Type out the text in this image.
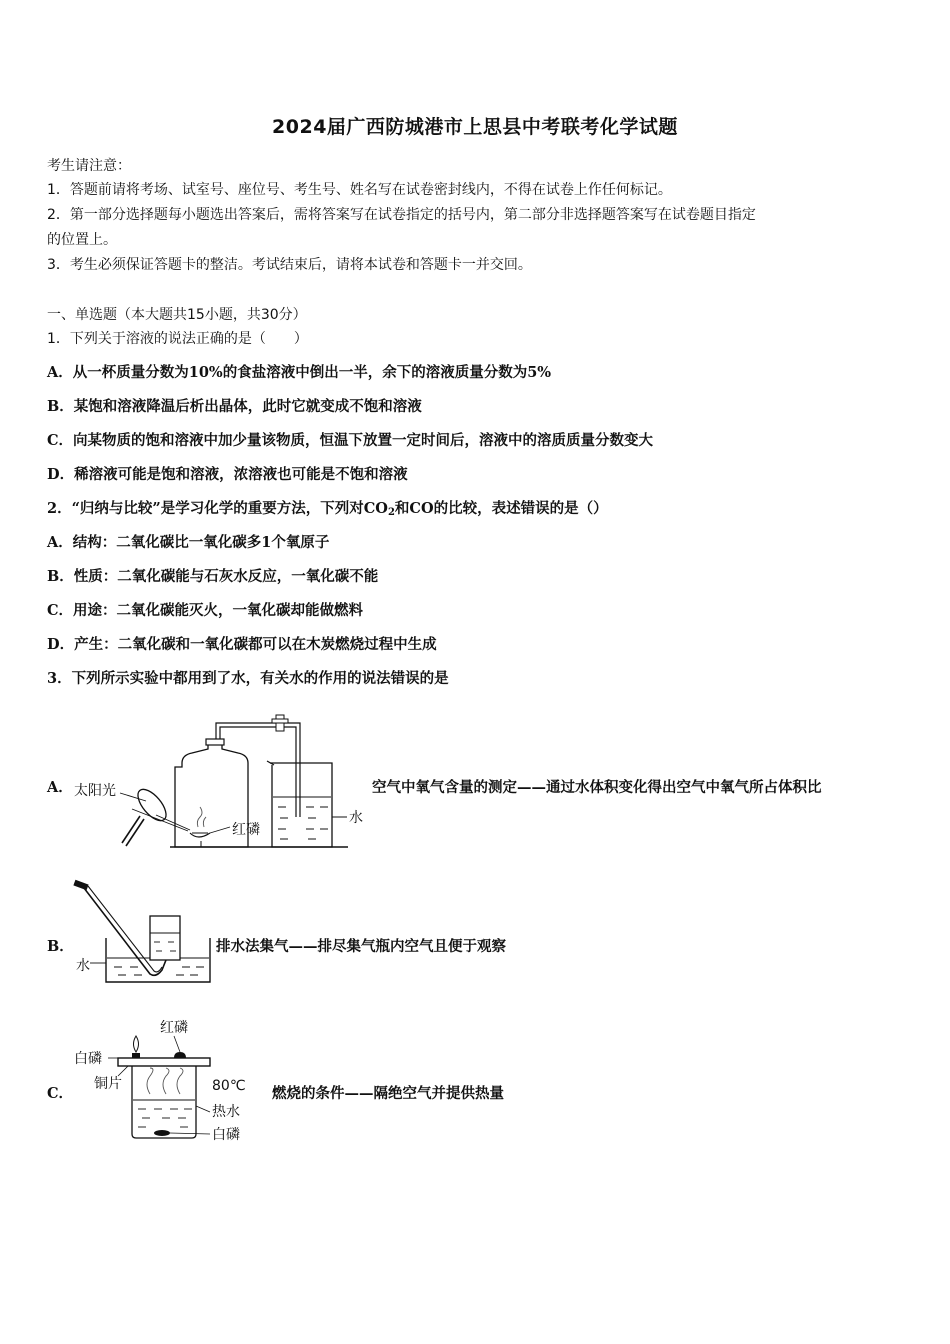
2024届广西防城港市上思县中考联考化学试题
考生请注意：
1．答题前请将考场、试室号、座位号、考生号、姓名写在试卷密封线内，不得在试卷上作任何标记。
2．第一部分选择题每小题选出答案后，需将答案写在试卷指定的括号内，第二部分非选择题答案写在试卷题目指定
的位置上。
3．考生必须保证答题卡的整洁。考试结束后，请将本试卷和答题卡一并交回。
一、单选题（本大题共15小题，共30分）
1．下列关于溶液的说法正确的是（　　）
A．从一杯质量分数为10%的食盐溶液中倒出一半，余下的溶液质量分数为5%
B．某饱和溶液降温后析出晶体，此时它就变成不饱和溶液
C．向某物质的饱和溶液中加少量该物质，恒温下放置一定时间后，溶液中的溶质质量分数变大
D．稀溶液可能是饱和溶液，浓溶液也可能是不饱和溶液
2．“归纳与比较”是学习化学的重要方法，下列对$CO_2$和CO的比较，表述错误的是（）
A．结构：二氧化碳比一氧化碳多1个氧原子
B．性质：二氧化碳能与石灰水反应，一氧化碳不能
C．用途：二氧化碳能灭火，一氧化碳却能做燃料
D．产生：二氧化碳和一氧化碳都可以在木炭燃烧过程中生成
3．下列所示实验中都用到了水，有关水的作用的说法错误的是
A． 太阳光
红磷
水
空气中氧气含量的测定——通过水体积变化得出空气中氧气所占体积比
B．
水
排水法集气——排尽集气瓶内空气且便于观察
C．
红磷
白磷
铜片	80℃
热水
白磷
燃烧的条件——隔绝空气并提供热量
